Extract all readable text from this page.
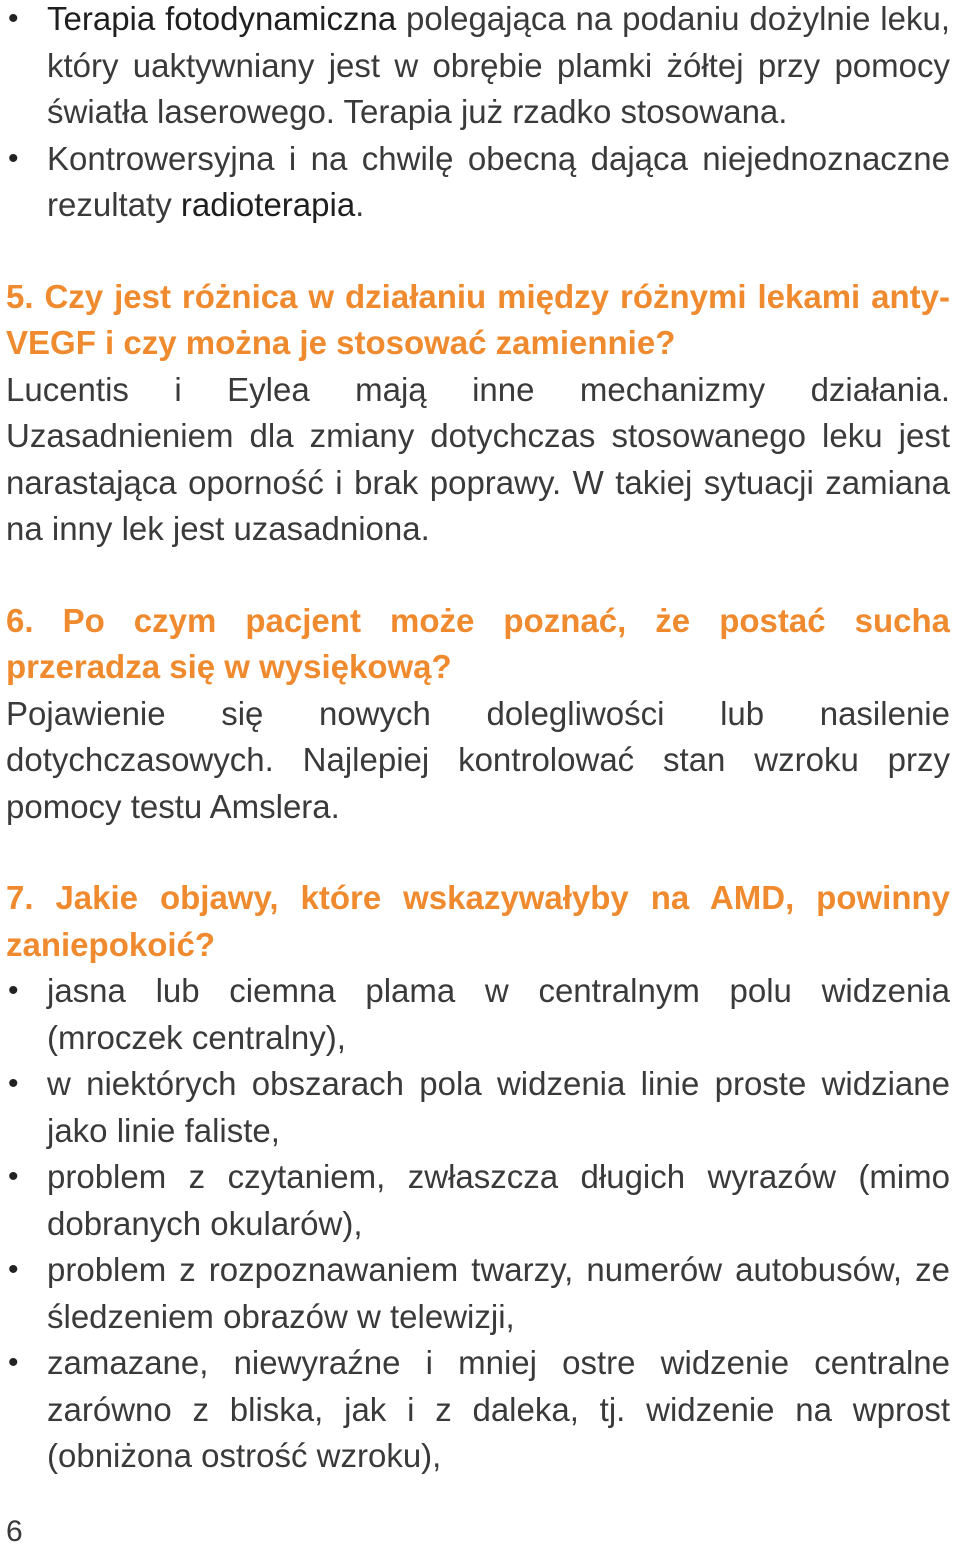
• Terapia fotodynamiczna polegająca na podaniu dożylnie leku, który uaktywniany jest w obrębie plamki żółtej przy pomocy światła laserowego. Terapia już rzadko stosowana.
• Kontrowersyjna i na chwilę obecną dająca niejednoznaczne rezultaty radioterapia.

5. Czy jest różnica w działaniu między różnymi lekami anty-VEGF i czy można je stosować zamiennie?

Lucentis i Eylea mają inne mechanizmy działania. Uzasadnieniem dla zmiany dotychczas stosowanego leku jest narastająca oporność i brak poprawy. W takiej sytuacji zamiana na inny lek jest uzasadniona.

6. Po czym pacjent może poznać, że postać sucha przeradza się w wysiękową?

Pojawienie się nowych dolegliwości lub nasilenie dotychczasowych. Najlepiej kontrolować stan wzroku przy pomocy testu Amslera.

7. Jakie objawy, które wskazywałyby na AMD, powinny zaniepokoić?

• jasna lub ciemna plama w centralnym polu widzenia (mroczek centralny),
• w niektórych obszarach pola widzenia linie proste widziane jako linie faliste,
• problem z czytaniem, zwłaszcza długich wyrazów (mimo dobranych okularów),
• problem z rozpoznawaniem twarzy, numerów autobusów, ze śledzeniem obrazów w telewizji,
• zamazane, niewyraźne i mniej ostre widzenie centralne zarówno z bliska, jak i z daleka, tj. widzenie na wprost (obniżona ostrość wzroku),
6
